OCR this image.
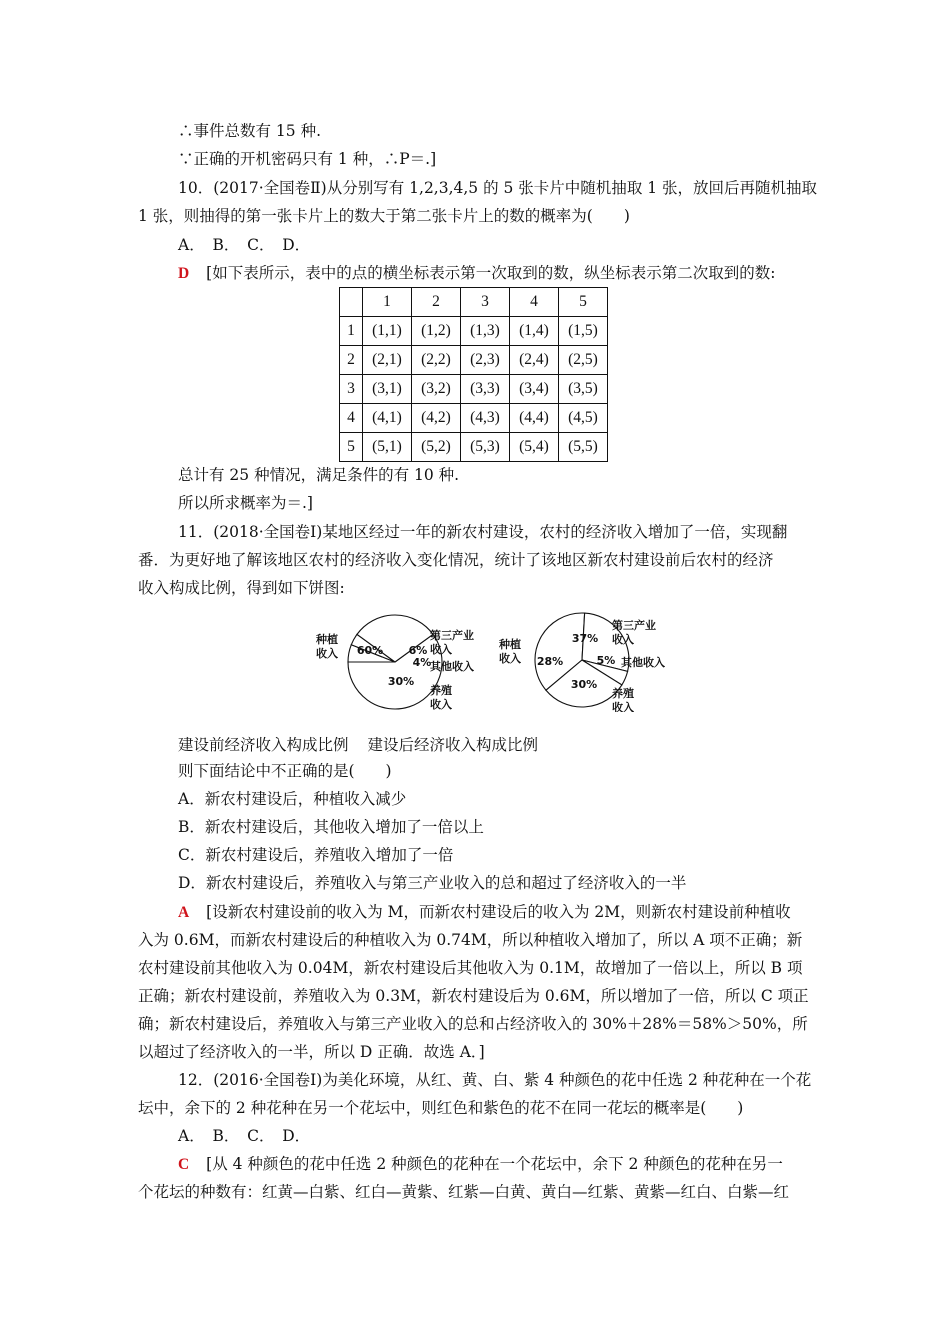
∴事件总数有 15 种.
∵正确的开机密码只有 1 种，∴P＝.]
10．(2017·全国卷Ⅱ)从分别写有 1,2,3,4,5 的 5 张卡片中随机抽取 1 张，放回后再随机抽取
1 张，则抽得的第一张卡片上的数大于第二张卡片上的数的概率为(　　)
A．　B．　C．　D．
D [如下表所示，表中的点的横坐标表示第一次取到的数，纵坐标表示第二次取到的数:
	1	2	3	4	5
1	(1,1)	(1,2)	(1,3)	(1,4)	(1,5)
2	(2,1)	(2,2)	(2,3)	(2,4)	(2,5)
3	(3,1)	(3,2)	(3,3)	(3,4)	(3,5)
4	(4,1)	(4,2)	(4,3)	(4,4)	(4,5)
5	(5,1)	(5,2)	(5,3)	(5,4)	(5,5)
总计有 25 种情况，满足条件的有 10 种.
所以所求概率为＝.]
11．(2018·全国卷Ⅰ)某地区经过一年的新农村建设，农村的经济收入增加了一倍，实现翻
番．为更好地了解该地区农村的经济收入变化情况，统计了该地区新农村建设前后农村的经济
收入构成比例，得到如下饼图:
60% 6%
4%
30%
种植
收入
第三产业
收入
其他收入
养殖
收入
37%
28%	5%
30%
种植
收入
第三产业
收入
其他收入
养殖
收入
建设前经济收入构成比例 建设后经济收入构成比例
则下面结论中不正确的是(　　)
A．新农村建设后，种植收入减少
B．新农村建设后，其他收入增加了一倍以上
C．新农村建设后，养殖收入增加了一倍
D．新农村建设后，养殖收入与第三产业收入的总和超过了经济收入的一半
A [设新农村建设前的收入为 M，而新农村建设后的收入为 2M，则新农村建设前种植收
入为 0.6M，而新农村建设后的种植收入为 0.74M，所以种植收入增加了，所以 A 项不正确；新
农村建设前其他收入为 0.04M，新农村建设后其他收入为 0.1M，故增加了一倍以上，所以 B 项
正确；新农村建设前，养殖收入为 0.3M，新农村建设后为 0.6M，所以增加了一倍，所以 C 项正
确；新农村建设后，养殖收入与第三产业收入的总和占经济收入的 30%＋28%＝58%＞50%，所
以超过了经济收入的一半，所以 D 正确．故选 A．]
12．(2016·全国卷Ⅰ)为美化环境，从红、黄、白、紫 4 种颜色的花中任选 2 种花种在一个花
坛中，余下的 2 种花种在另一个花坛中，则红色和紫色的花不在同一花坛的概率是(　　)
A．　B．　C．　D．
C [从 4 种颜色的花中任选 2 种颜色的花种在一个花坛中，余下 2 种颜色的花种在另一
个花坛的种数有：红黄—白紫、红白—黄紫、红紫—白黄、黄白—红紫、黄紫—红白、白紫—红
